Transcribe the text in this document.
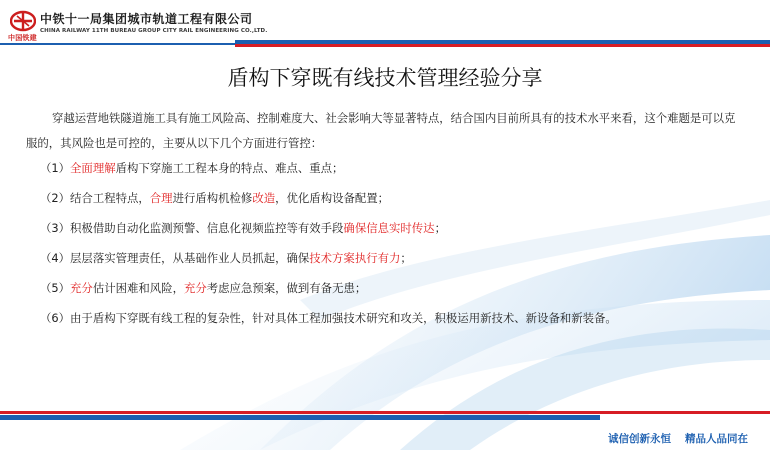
中国铁建
中铁十一局集团城市轨道工程有限公司
CHINA RAILWAY 11TH BUREAU GROUP CITY RAIL ENGINEERING CO.,LTD.
盾构下穿既有线技术管理经验分享

穿越运营地铁隧道施工具有施工风险高、控制难度大、社会影响大等显著特点，结合国内目前所具有的技术水平来看，这个难题是可以克服的，其风险也是可控的，主要从以下几个方面进行管控：

（1）全面理解盾构下穿施工工程本身的特点、难点、重点；
（2）结合工程特点，合理进行盾构机检修改造，优化盾构设备配置；
（3）积极借助自动化监测预警、信息化视频监控等有效手段确保信息实时传达；
（4）层层落实管理责任，从基础作业人员抓起，确保技术方案执行有力；
（5）充分估计困难和风险，充分考虑应急预案，做到有备无患；
（6）由于盾构下穿既有线工程的复杂性，针对具体工程加强技术研究和攻关，积极运用新技术、新设备和新装备。
诚信创新永恒 精品人品同在
